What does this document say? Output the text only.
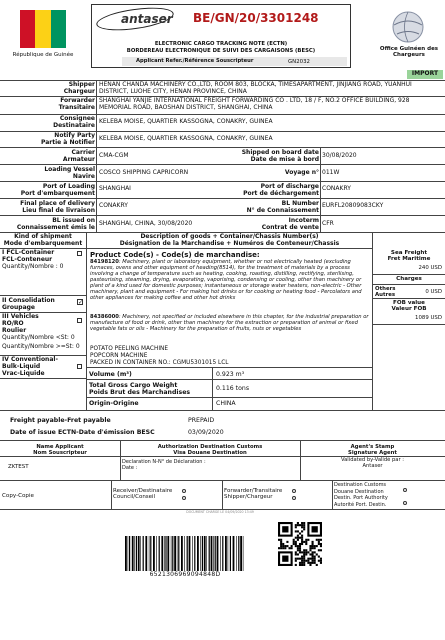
République de Guinée
antaser BE/GN/20/3301248
ELECTRONIC CARGO TRACKING NOTE (ECTN)
BORDEREAU ELECTRONIQUE DE SUIVI DES CARGAISONS (BESC)
Applicant Refer./Référence Souscripteur	GN2032
Office Guinéen des Chargeurs
IMPORT
Shipper
Chargeur
HENAN CHANDA MACHINERY CO.,LTD, ROOM 803, BLOCKA, TIMESAPARTMENT, JINJIANG ROAD, YUANHUI DISTRICT, LUOHE CITY, HENAN PROVINCE, CHINA
Forwarder
Transitaire
SHANGHAI YANJIE INTERNATIONAL FREIGHT FORWARDING CO . LTD, 18 / F, NO.2 OFFICE BUILDING, 928 MEMORIAL ROAD, BAOSHAN DISTRICT, SHANGHAI, CHINA
Consignee
Destinataire
KELEBA MOISE, QUARTIER KASSOGNA, CONAKRY, GUINEA
Notify Party
Partie à Notifier
KELEBA MOISE, QUARTIER KASSOGNA, CONAKRY, GUINEA
Carrier
Armateur
CMA-CGM	Shipped on board date
Date de mise à bord
30/08/2020
Loading Vessel
Navire
COSCO SHIPPING CAPRICORN	Voyage n° 011W
Port of Loading
Port d'embarquement
SHANGHAI	Port of discharge
Port de déchargement
CONAKRY
Final place of delivery
Lieu final de livraison
CONAKRY	BL Number
N° de Connaissement
EURFL20809083CKY
BL issued on
Connaissement émis le
SHANGHAI, CHINA, 30/08/2020	Incoterm
Contrat de vente
CFR
Kind of shipment
Mode d'embarquement
Description of goods + Container/Chassis Number(s)
Désignation de la Marchandise + Numéros de Conteneur/Chassis
I FCL-Container
FCL-Conteneur
Quantity/Nombre : 0
II Consolidation
Groupage
✓
III Vehicles
RO/RO
Roulier
Quantity/Nombre <St: 0
Quantity/Nombre >=St: 0
IV Conventional-
Bulk-Liquid
Vrac-Liquide
Product Code(s) - Code(s) de marchandise:
84198120: Machinery, plant or laboratory equipment, whether or not electrically heated (excluding furnaces, ovens and other equipment of heading(8514), for the treatment of materials by a process involving a change of temperature such as heating, cooking, roasting, distilling, rectifying, sterilising, pasteurising, steaming, drying, evaporating, vaporising, condensing or cooling, other than machinery or plant of a kind used for domestic purposes; instantaneous or storage water heaters, non-electric - Other machinery, plant and equipment - For making hot drinks or for cooking or heating food - Percolators and other appliances for making coffee and other hot drinks
84386000: Machinery, not specified or included elsewhere in this chapter, for the industrial preparation or manufacture of food or drink, other than machinery for the extraction or preparation of animal or fixed vegetable fats or oils - Machinery for the preparation of fruits, nuts or vegetables
POTATO PEELING MACHINE
POPCORN MACHINE
PACKED IN CONTAINER NO.: CGMU5301015 LCL
Volume (m³)	0.923 m³
Total Gross Cargo Weight
Poids Brut des Marchandises
0.116 tons
Origin-Origine	CHINA
Sea Freight
Fret Maritime
240 USD
Charges
Others
Autres
0 USD
FOB value
Valeur FOB
1089 USD
Freight payable-Fret payable	PREPAID
Date of issue ECTN-Date d'émission BESC	03/09/2020
Name Applicant
Nom Souscripteur
Authorization Destination Customs
Visa Douane Destination
Agent's Stamp
Signature Agent
ZKTEST
Declaration N-N° de Déclaration :
Date :
Validated by-Validé par :
Antaser
Copy-Copie
Receiver/Destinataire
Council/Conseil
Forwarder/Transitaire
Shipper/Chargeur
Destination Customs
Douane Destination
Destin. Port Authority
Autorité Port. Destin.
DOCUMENT CHARGE LE 04/09/2020 13:49
6521306969094848D
